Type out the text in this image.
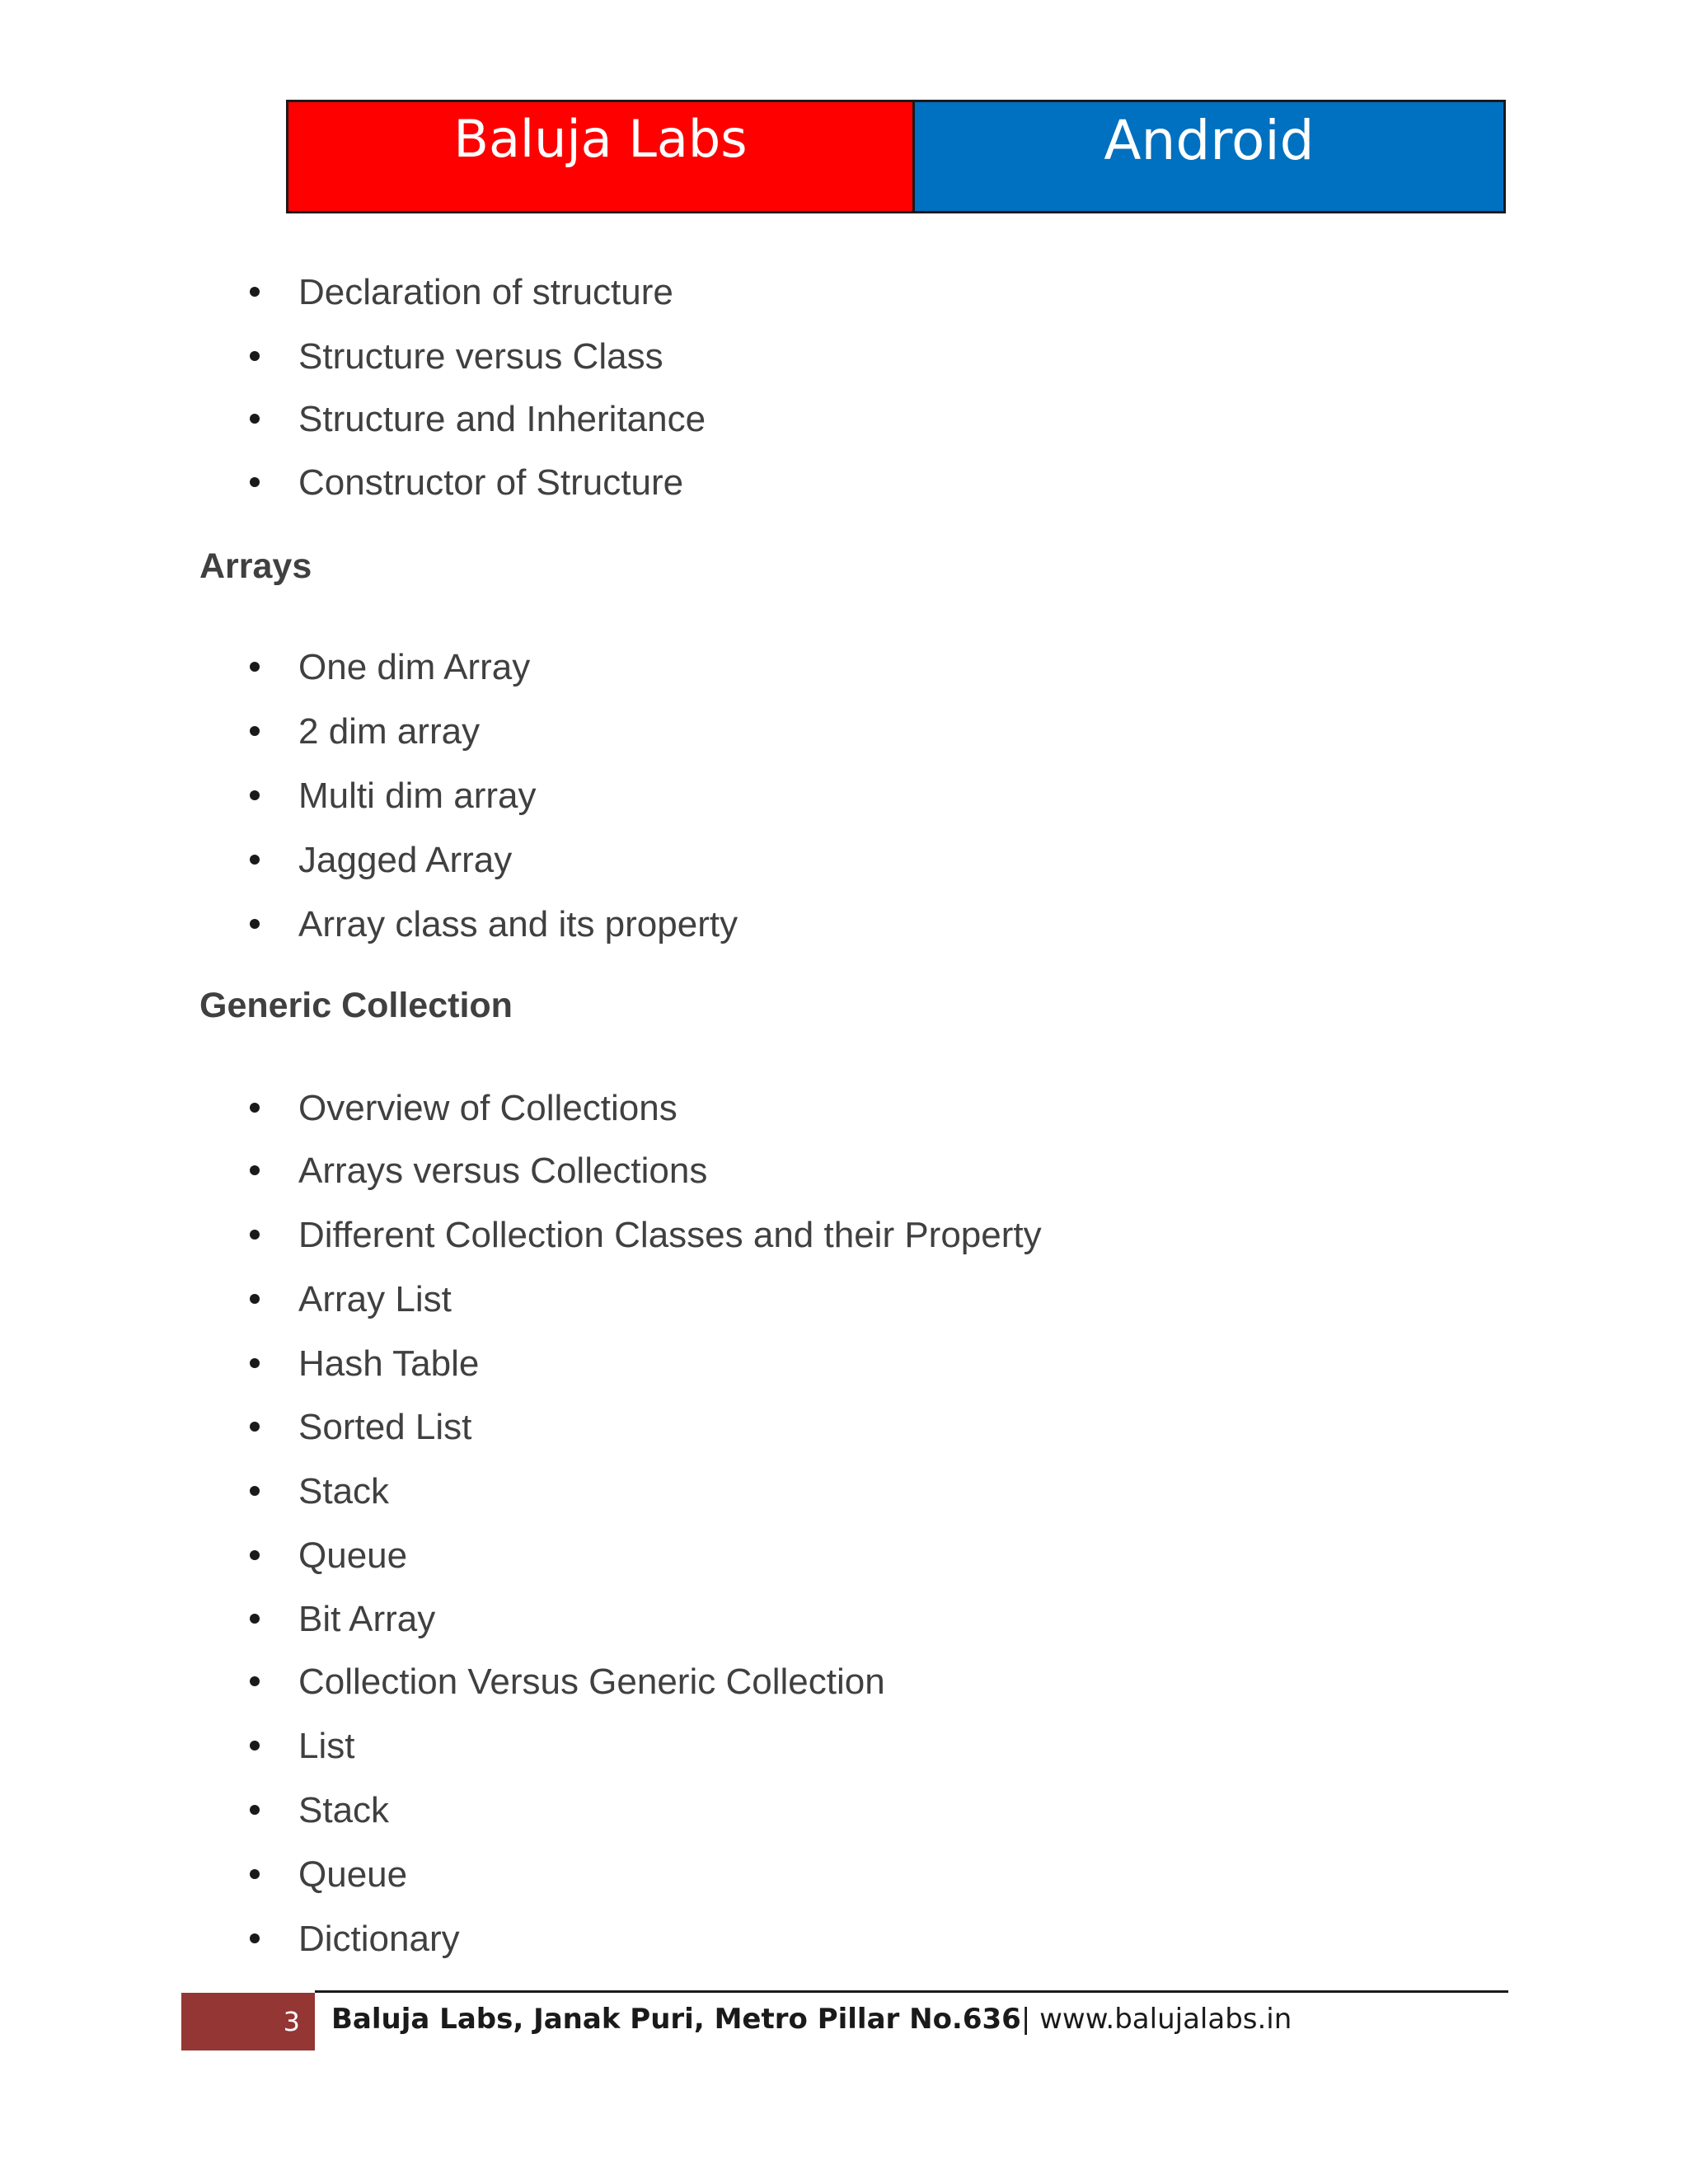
Baluja Labs	Android
Declaration of structure
Structure versus Class
Structure and Inheritance
Constructor of Structure
Arrays
One dim Array
2 dim array
Multi dim array
Jagged Array
Array class and its property
Generic Collection
Overview of Collections
Arrays versus Collections
Different Collection Classes and their Property
Array List
Hash Table
Sorted List
Stack
Queue
Bit Array
Collection Versus Generic Collection
List
Stack
Queue
Dictionary
3	Baluja Labs, Janak Puri, Metro Pillar No.636| www.balujalabs.in
